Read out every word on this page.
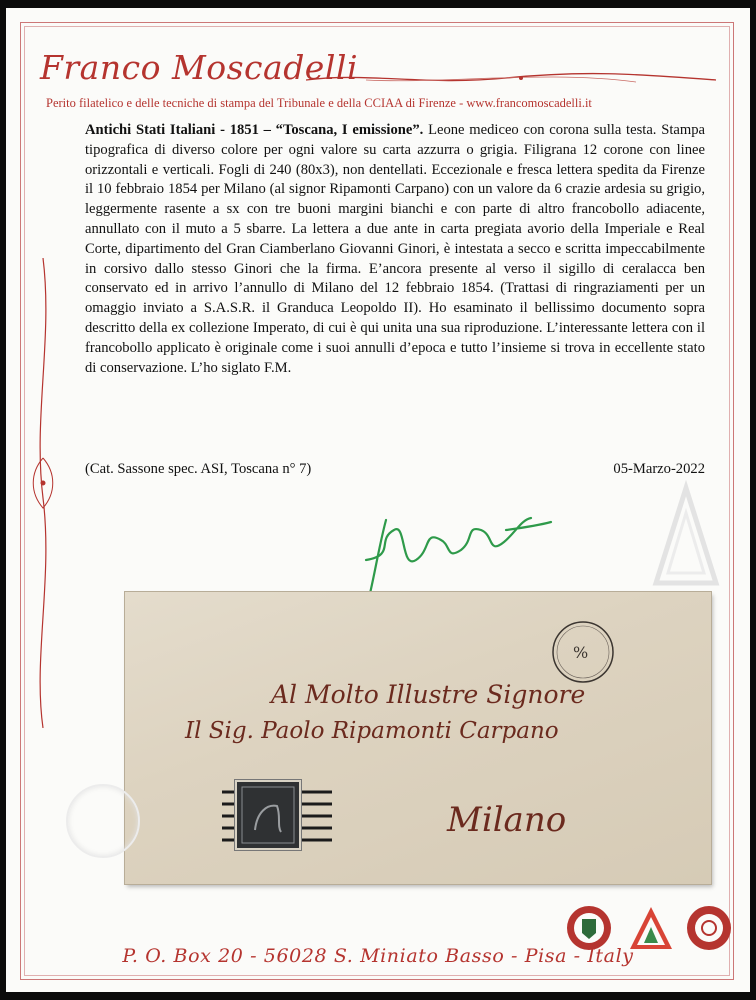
Franco Moscadelli
Perito filatelico e delle tecniche di stampa del Tribunale e della CCIAA di Firenze - www.francomoscadelli.it
Antichi Stati Italiani - 1851 – “Toscana, I emissione”. Leone mediceo con corona sulla testa. Stampa tipografica di diverso colore per ogni valore su carta azzurra o grigia. Filigrana 12 corone con linee orizzontali e verticali. Fogli di 240 (80x3), non dentellati. Eccezionale e fresca lettera spedita da Firenze il 10 febbraio 1854 per Milano (al signor Ripamonti Carpano) con un valore da 6 crazie ardesia su grigio, leggermente rasente a sx con tre buoni margini bianchi e con parte di altro francobollo adiacente, annullato con il muto a 5 sbarre. La lettera a due ante in carta pregiata avorio della Imperiale e Real Corte, dipartimento del Gran Ciamberlano Giovanni Ginori, è intestata a secco e scritta impeccabilmente in corsivo dallo stesso Ginori che la firma. E’ancora presente al verso il sigillo di ceralacca ben conservato ed in arrivo l’annullo di Milano del 12 febbraio 1854. (Trattasi di ringraziamenti per un omaggio inviato a S.A.S.R. il Granduca Leopoldo II). Ho esaminato il bellissimo documento sopra descritto della ex collezione Imperato, di cui è qui unita una sua riproduzione. L’interessante lettera con il francobollo applicato è originale come i suoi annulli d’epoca e tutto l’insieme si trova in eccellente stato di conservazione. L’ho siglato F.M.
(Cat. Sassone spec. ASI, Toscana n° 7)	05-Marzo-2022
%
Al Molto Illustre Signore
Il Sig. Paolo Ripamonti Carpano
Milano
P. O. Box 20 - 56028 S. Miniato Basso - Pisa - Italy
